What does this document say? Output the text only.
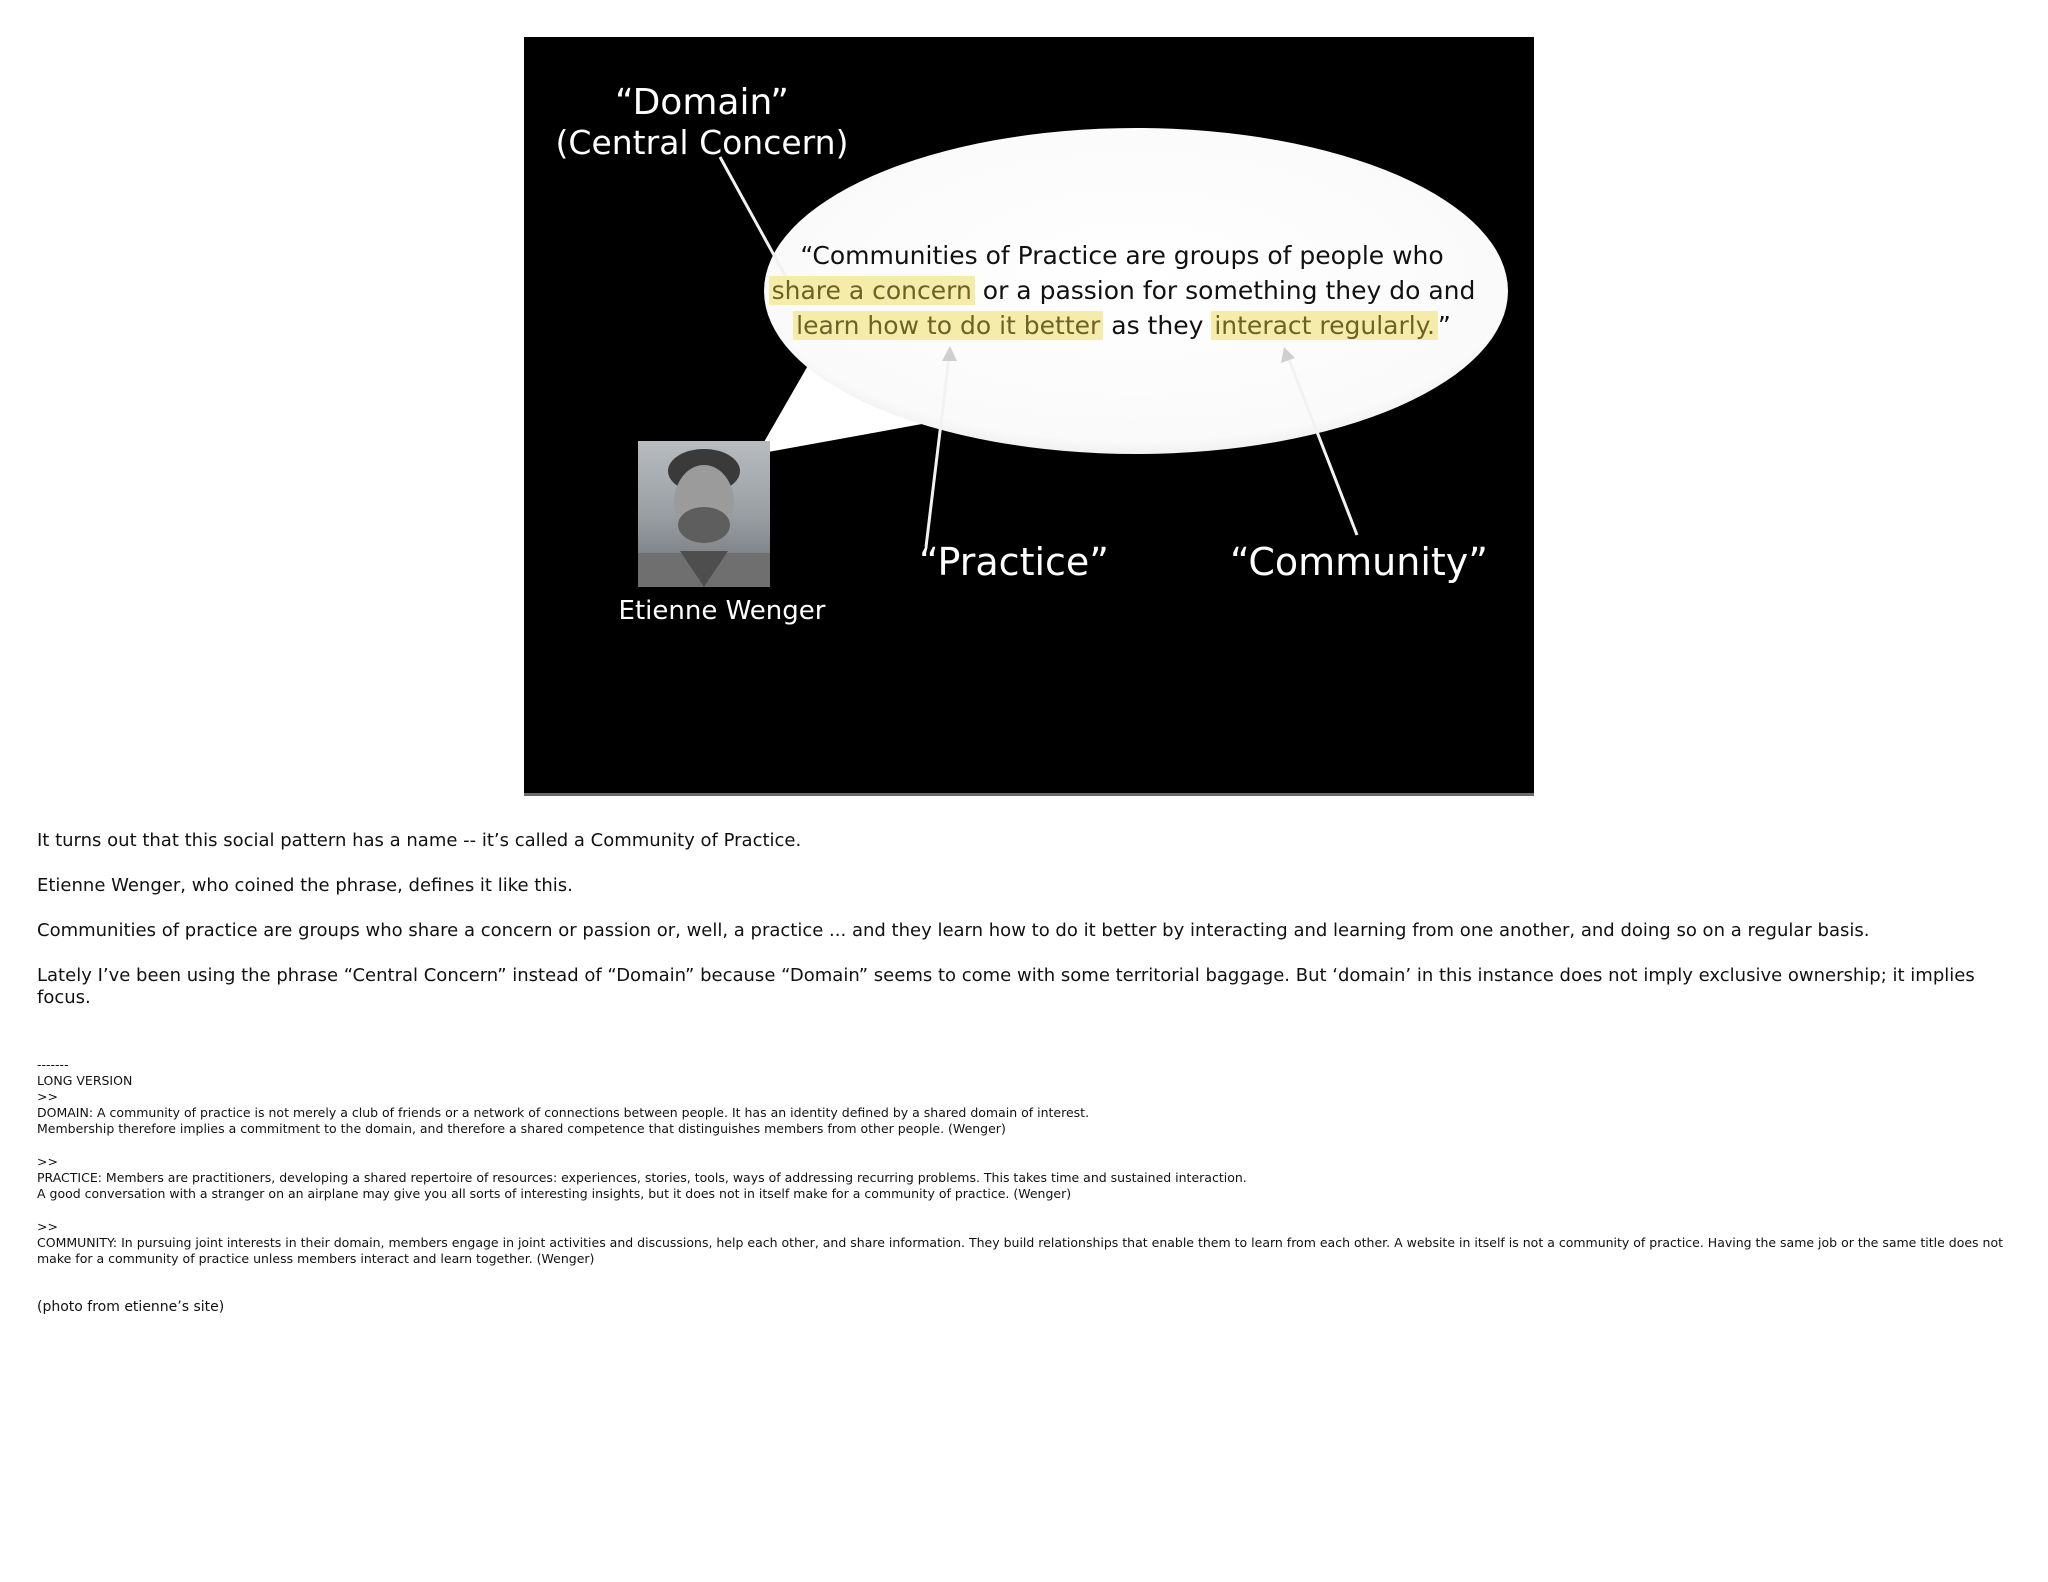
“Domain”
(Central Concern)
“Communities of Practice are groups of people who
share a concern or a passion for something they do and
learn how to do it better as they interact regularly. ”
Etienne Wenger
“Practice”	“Community”

It turns out that this social pattern has a name -- it’s called a Community of Practice.

Etienne Wenger, who coined the phrase, defines it like this.

Communities of practice are groups who share a concern or passion or, well, a practice ... and they learn how to do it better by interacting and learning from one another, and doing so on a regular basis.

Lately I’ve been using the phrase “Central Concern” instead of “Domain” because “Domain” seems to come with some territorial baggage. But ‘domain’ in this instance does not imply exclusive ownership; it implies focus.

-------
LONG VERSION
>>
DOMAIN: A community of practice is not merely a club of friends or a network of connections between people. It has an identity defined by a shared domain of interest.
Membership therefore implies a commitment to the domain, and therefore a shared competence that distinguishes members from other people. (Wenger)
>>
PRACTICE: Members are practitioners, developing a shared repertoire of resources: experiences, stories, tools, ways of addressing recurring problems. This takes time and sustained interaction.
A good conversation with a stranger on an airplane may give you all sorts of interesting insights, but it does not in itself make for a community of practice. (Wenger)
>>
COMMUNITY: In pursuing joint interests in their domain, members engage in joint activities and discussions, help each other, and share information. They build relationships that enable them to learn from each other. A website in itself is not a community of practice. Having the same job or the same title does not make for a community of practice unless members interact and learn together. (Wenger)
(photo from etienne’s site)
